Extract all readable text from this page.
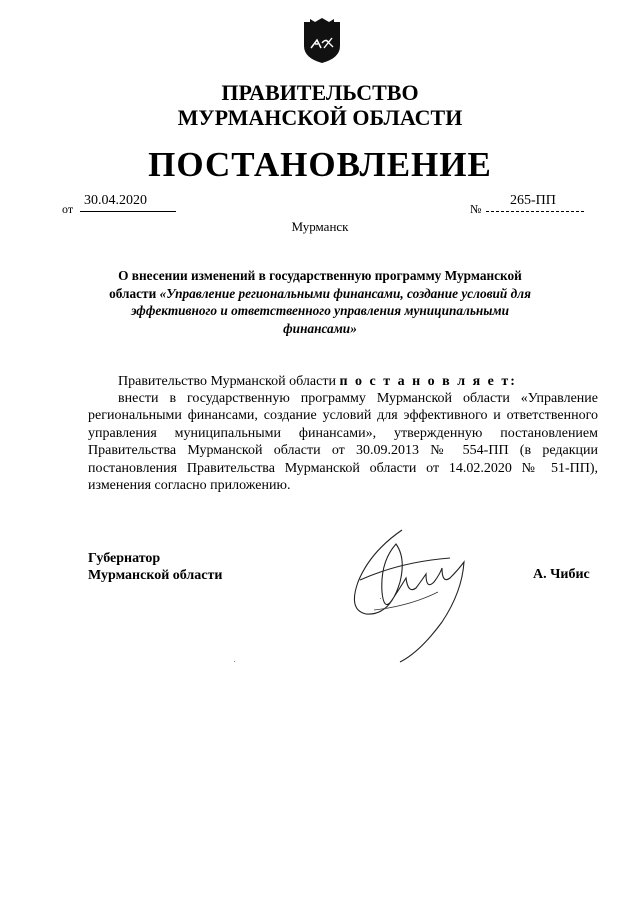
ПРАВИТЕЛЬСТВО
МУРМАНСКОЙ ОБЛАСТИ
ПОСТАНОВЛЕНИЕ
от
30.04.2020
№
265-ПП
Мурманск
О внесении изменений в государственную программу Мурманской области «Управление региональными финансами, создание условий для эффективного и ответственного управления муниципальными финансами»
Правительство Мурманской области п о с т а н о в л я е т:
внести в государственную программу Мурманской области «Управление региональными финансами, создание условий для эффективного и ответственного управления муниципальными финансами», утвержденную постановлением Правительства Мурманской области от 30.09.2013 № 554-ПП (в редакции постановления Правительства Мурманской области от 14.02.2020 № 51-ПП), изменения согласно приложению.
Губернатор
Мурманской области	А. Чибис
